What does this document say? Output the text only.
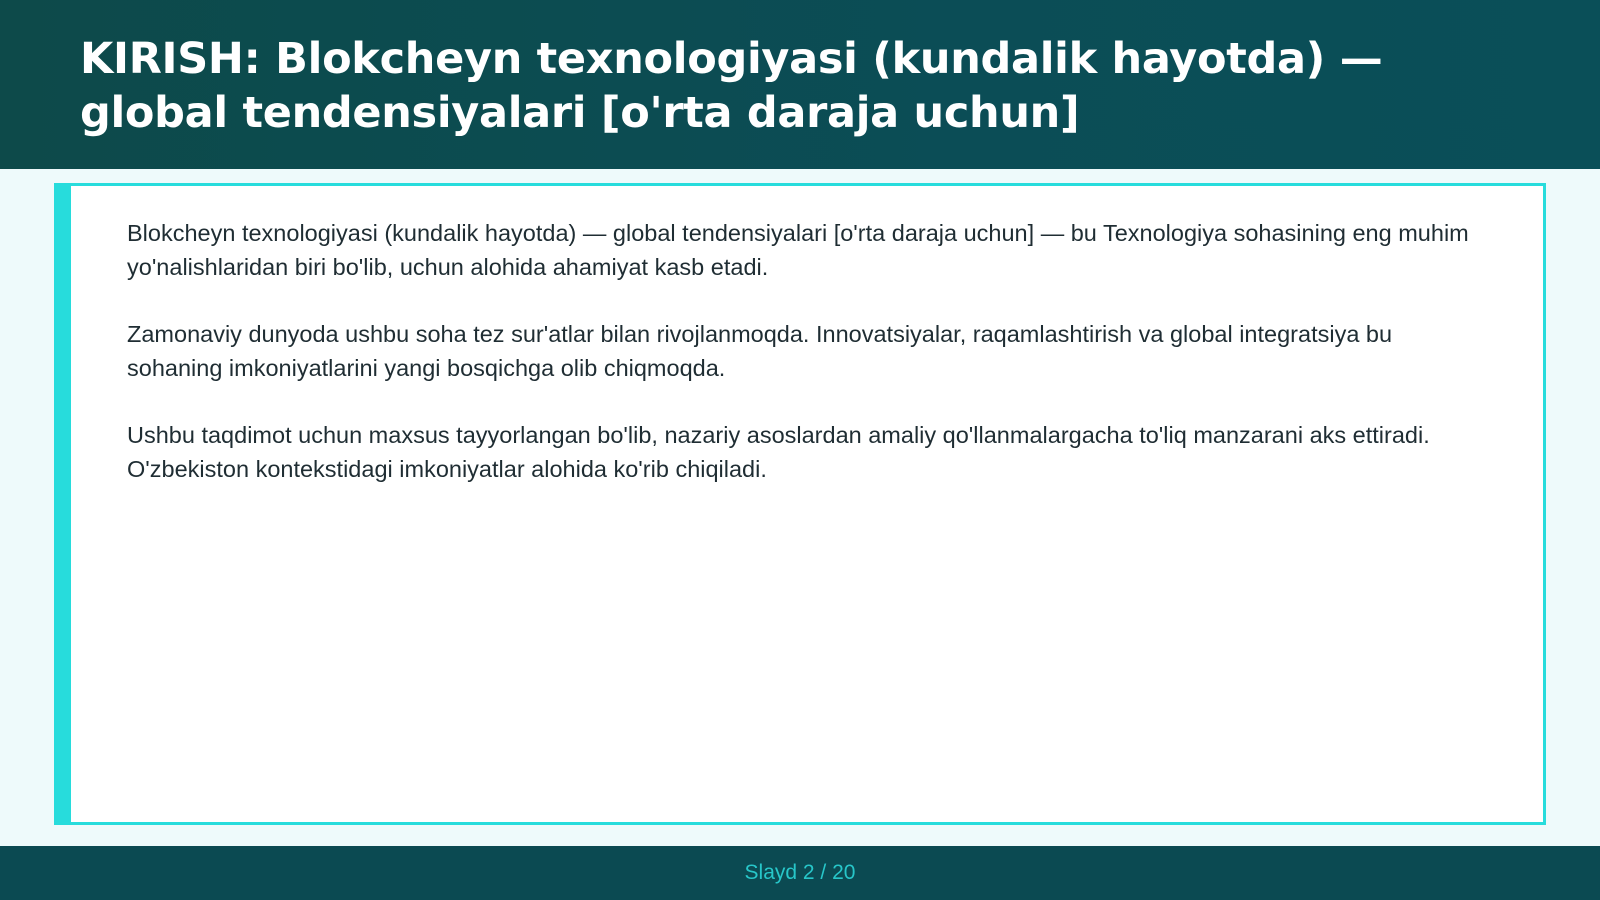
KIRISH: Blokcheyn texnologiyasi (kundalik hayotda) — global tendensiyalari [o'rta daraja uchun]

Blokcheyn texnologiyasi (kundalik hayotda) — global tendensiyalari [o'rta daraja uchun] — bu Texnologiya sohasining eng muhim yo'nalishlaridan biri bo'lib, uchun alohida ahamiyat kasb etadi.

Zamonaviy dunyoda ushbu soha tez sur'atlar bilan rivojlanmoqda. Innovatsiyalar, raqamlashtirish va global integratsiya bu sohaning imkoniyatlarini yangi bosqichga olib chiqmoqda.

Ushbu taqdimot uchun maxsus tayyorlangan bo'lib, nazariy asoslardan amaliy qo'llanmalargacha to'liq manzarani aks ettiradi. O'zbekiston kontekstidagi imkoniyatlar alohida ko'rib chiqiladi.

Slayd 2 / 20
